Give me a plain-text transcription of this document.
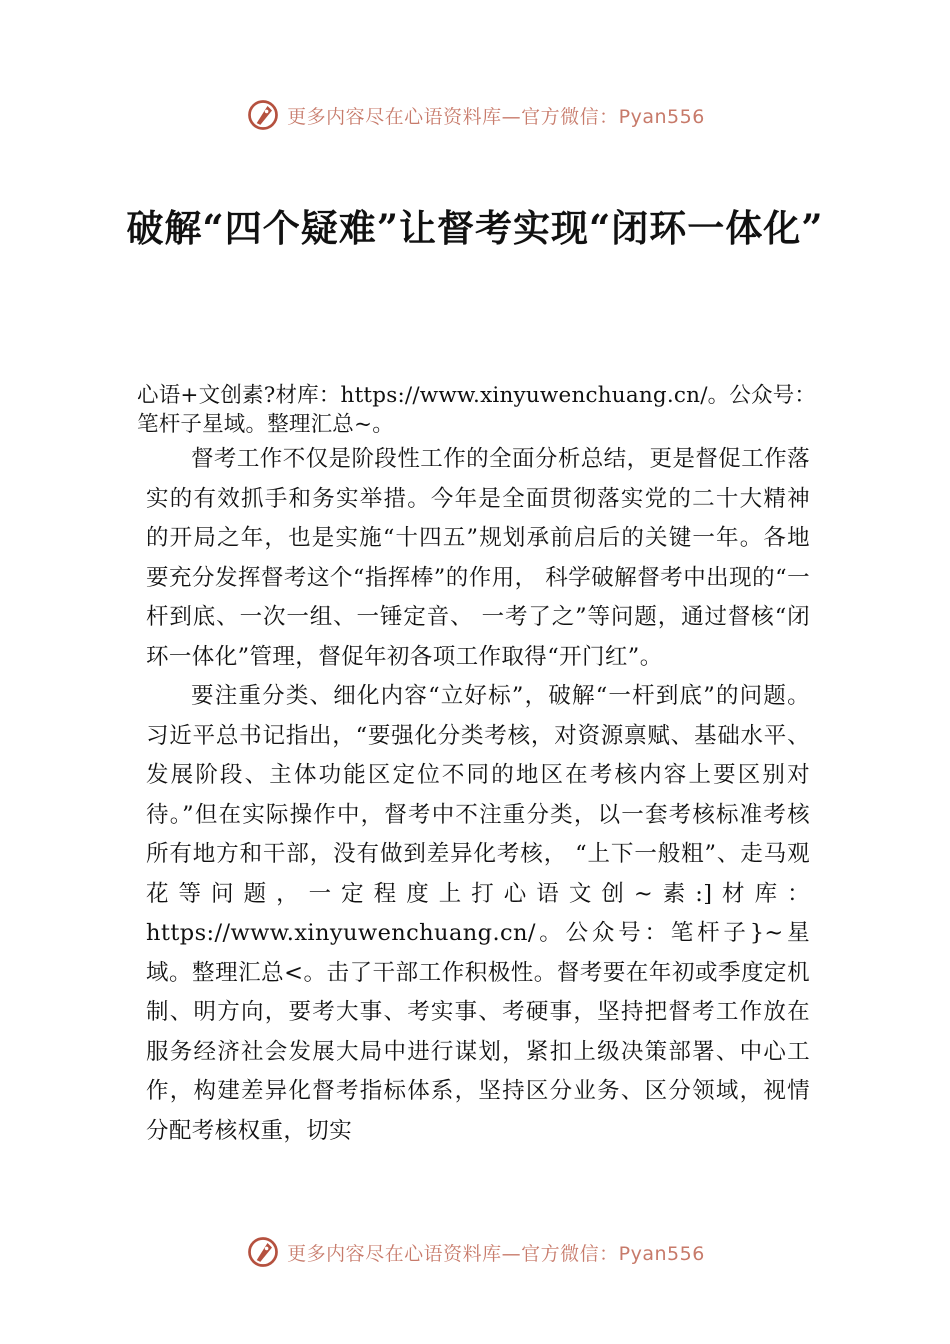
更多内容尽在心语资料库—官方微信：Pyan556
破解“四个疑难”让督考实现“闭环一体化”
心语+文创素?材库：https://www.xinyuwenchuang.cn/。公众号：笔杆子星域。整理汇总~。

督考工作不仅是阶段性工作的全面分析总结，更是督促工作落实的有效抓手和务实举措。今年是全面贯彻落实党的二十大精神的开局之年，也是实施“十四五”规划承前启后的关键一年。各地要充分发挥督考这个“指挥棒”的作用， 科学破解督考中出现的“一杆到底、一次一组、一锤定音、 一考了之”等问题，通过督核“闭环一体化”管理，督促年初各项工作取得“开门红”。

要注重分类、细化内容“立好标”，破解“一杆到底”的问题。习近平总书记指出，“要强化分类考核，对资源禀赋、基础水平、发展阶段、主体功能区定位不同的地区在考核内容上要区别对待。”但在实际操作中，督考中不注重分类，以一套考核标准考核所有地方和干部，没有做到差异化考核， “上下一般粗”、走马观花等问题，一定程度上打心语文创~素:]材库：https://www.xinyuwenchuang.cn/。公众号：笔杆子}~星域。整理汇总<。击了干部工作积极性。督考要在年初或季度定机制、明方向，要考大事、考实事、考硬事，坚持把督考工作放在服务经济社会发展大局中进行谋划，紧扣上级决策部署、中心工作，构建差异化督考指标体系，坚持区分业务、区分领域，视情分配考核权重，切实

更多内容尽在心语资料库—官方微信：Pyan556
